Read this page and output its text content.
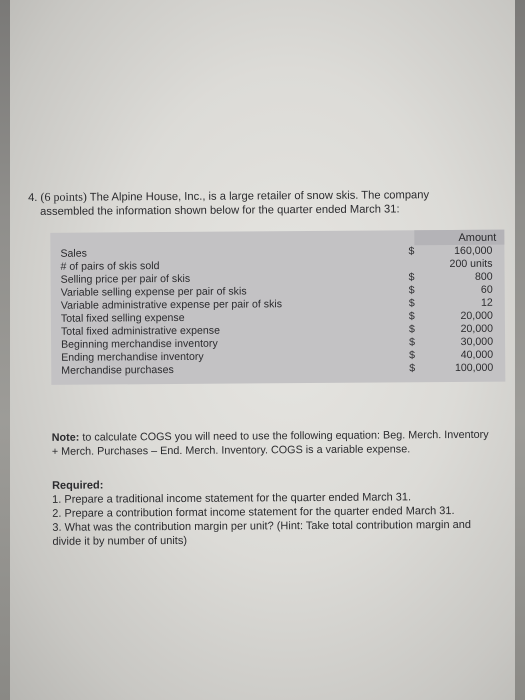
4. (6 points) The Alpine House, Inc., is a large retailer of snow skis. The company

assembled the information shown below for the quarter ended March 31:

Amount
Sales	$	160,000
# of pairs of skis sold	200 units
Selling price per pair of skis	$	800
Variable selling expense per pair of skis	$	60
Variable administrative expense per pair of skis	$	12
Total fixed selling expense	$	20,000
Total fixed administrative expense	$	20,000
Beginning merchandise inventory	$	30,000
Ending merchandise inventory	$	40,000
Merchandise purchases	$	100,000
Note: to calculate COGS you will need to use the following equation: Beg. Merch. Inventory
+ Merch. Purchases – End. Merch. Inventory. COGS is a variable expense.

Required:

1. Prepare a traditional income statement for the quarter ended March 31.

2. Prepare a contribution format income statement for the quarter ended March 31.

3. What was the contribution margin per unit? (Hint: Take total contribution margin and

divide it by number of units)
